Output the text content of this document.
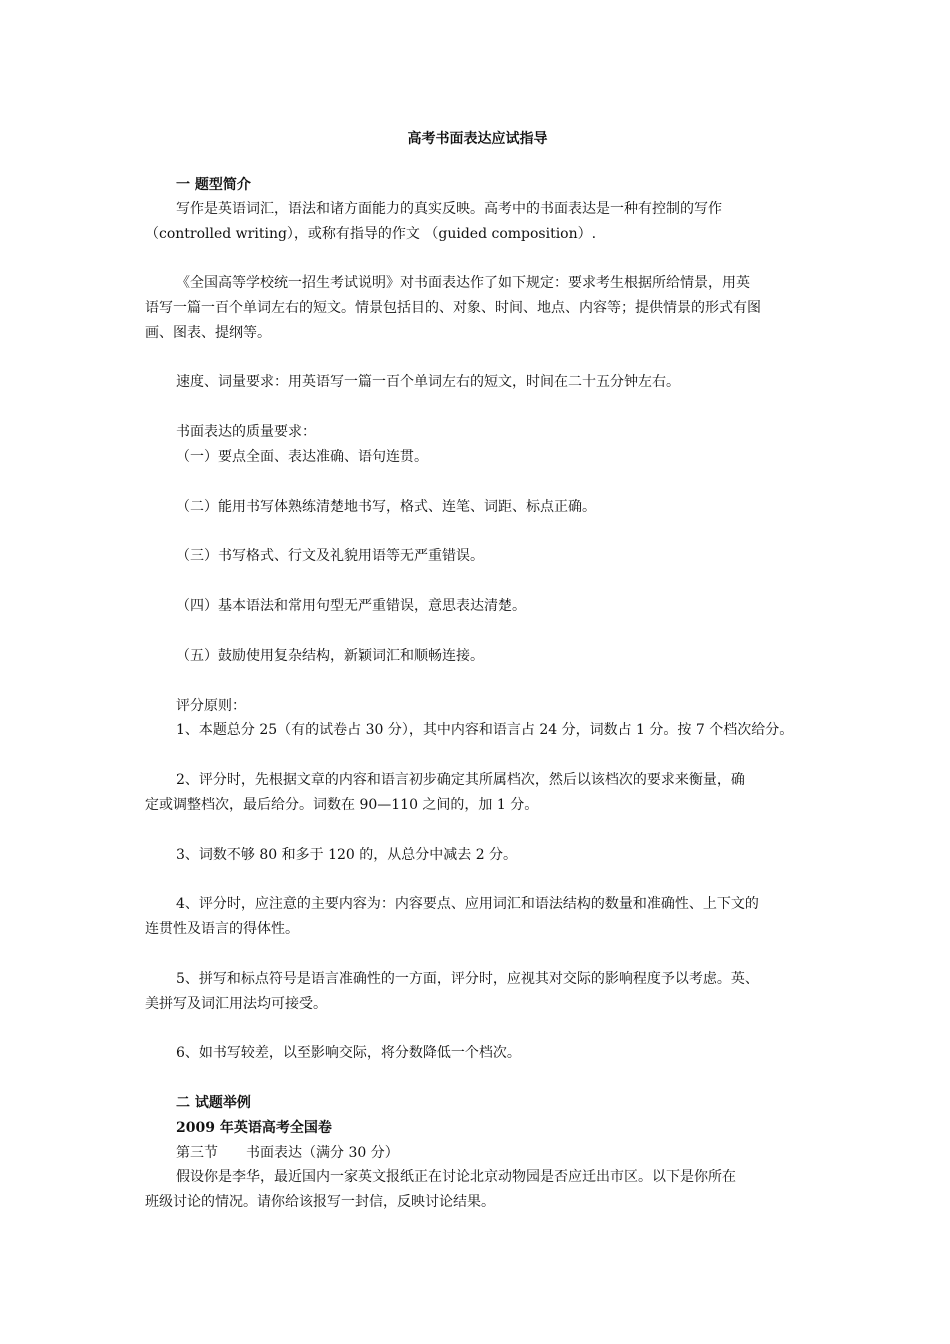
高考书面表达应试指导
一 题型简介
写作是英语词汇，语法和诸方面能力的真实反映。高考中的书面表达是一种有控制的写作
（controlled writing），或称有指导的作文 （guided composition）.
《全国高等学校统一招生考试说明》对书面表达作了如下规定：要求考生根据所给情景，用英
语写一篇一百个单词左右的短文。情景包括目的、对象、时间、地点、内容等；提供情景的形式有图
画、图表、提纲等。
速度、词量要求：用英语写一篇一百个单词左右的短文，时间在二十五分钟左右。
书面表达的质量要求：
（一）要点全面、表达准确、语句连贯。
（二）能用书写体熟练清楚地书写，格式、连笔、词距、标点正确。
（三）书写格式、行文及礼貌用语等无严重错误。
（四）基本语法和常用句型无严重错误，意思表达清楚。
（五）鼓励使用复杂结构，新颖词汇和顺畅连接。
评分原则：
1、本题总分 25（有的试卷占 30 分），其中内容和语言占 24 分，词数占 1 分。按 7 个档次给分。
2、评分时，先根据文章的内容和语言初步确定其所属档次，然后以该档次的要求来衡量，确
定或调整档次，最后给分。词数在 90—110 之间的，加 1 分。
3、词数不够 80 和多于 120 的，从总分中减去 2 分。
4、评分时，应注意的主要内容为：内容要点、应用词汇和语法结构的数量和准确性、上下文的
连贯性及语言的得体性。
5、拼写和标点符号是语言准确性的一方面，评分时，应视其对交际的影响程度予以考虑。英、
美拼写及词汇用法均可接受。
6、如书写较差，以至影响交际，将分数降低一个档次。
二 试题举例
2009 年英语高考全国卷
第三节 书面表达（满分 30 分）
假设你是李华，最近国内一家英文报纸正在讨论北京动物园是否应迁出市区。以下是你所在
班级讨论的情况。请你给该报写一封信，反映讨论结果。
